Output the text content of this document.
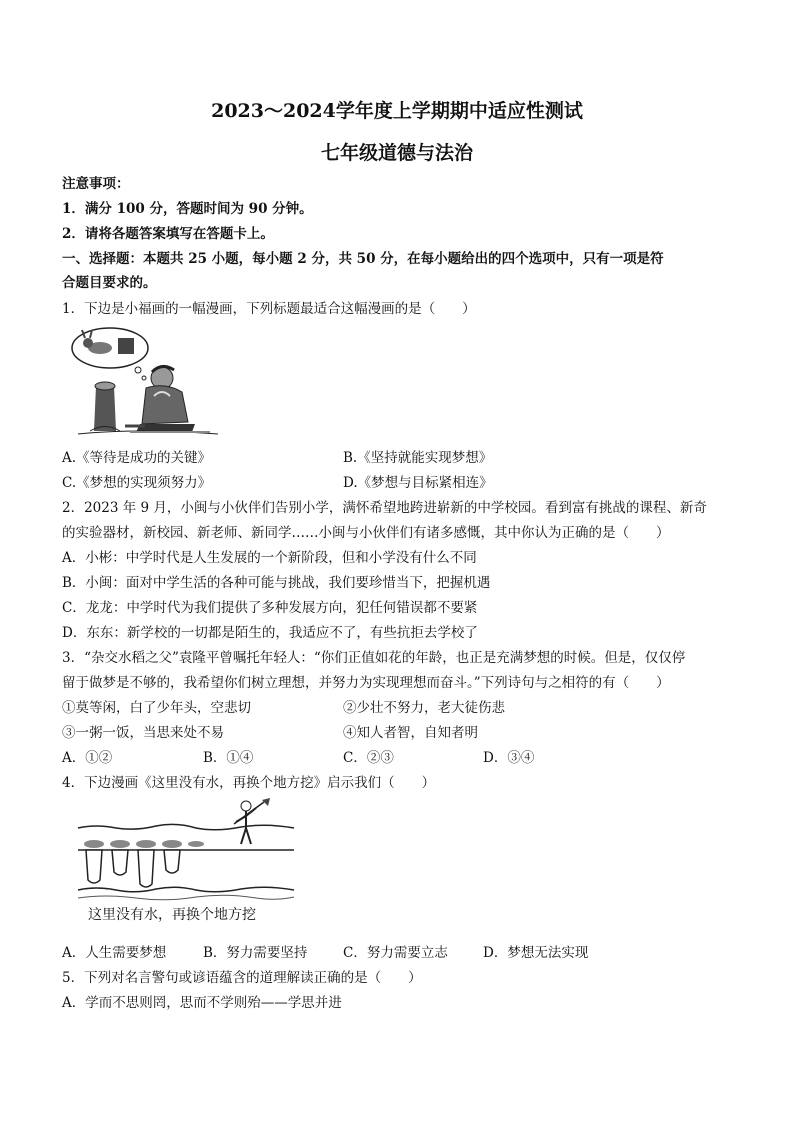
2023～2024学年度上学期期中适应性测试
七年级道德与法治
注意事项：
1．满分 100 分，答题时间为 90 分钟。
2．请将各题答案填写在答题卡上。
一、选择题：本题共 25 小题，每小题 2 分，共 50 分，在每小题给出的四个选项中，只有一项是符
合题目要求的。
1．下边是小福画的一幅漫画，下列标题最适合这幅漫画的是（　　）
A.《等待是成功的关键》	B.《坚持就能实现梦想》
C.《梦想的实现须努力》	D.《梦想与目标紧相连》
2．2023 年 9 月，小闽与小伙伴们告别小学，满怀希望地跨进崭新的中学校园。看到富有挑战的课程、新奇
的实验器材，新校园、新老师、新同学……小闽与小伙伴们有诸多感慨，其中你认为正确的是（　　）
A．小彬：中学时代是人生发展的一个新阶段，但和小学没有什么不同
B．小闽：面对中学生活的各种可能与挑战，我们要珍惜当下，把握机遇
C．龙龙：中学时代为我们提供了多种发展方向，犯任何错误都不要紧
D．东东：新学校的一切都是陌生的，我适应不了，有些抗拒去学校了
3．“杂交水稻之父”袁隆平曾嘱托年轻人：“你们正值如花的年龄，也正是充满梦想的时候。但是，仅仅停
留于做梦是不够的，我希望你们树立理想，并努力为实现理想而奋斗。”下列诗句与之相符的有（　　）
①莫等闲，白了少年头，空悲切	②少壮不努力，老大徒伤悲
③一粥一饭，当思来处不易	④知人者智，自知者明
A．①②	B．①④	C．②③	D．③④
4．下边漫画《这里没有水，再换个地方挖》启示我们（　　）
这里没有水，再换个地方挖
A．人生需要梦想	B．努力需要坚持	C．努力需要立志	D．梦想无法实现
5．下列对名言警句或谚语蕴含的道理解读正确的是（　　）
A．学而不思则罔，思而不学则殆——学思并进
